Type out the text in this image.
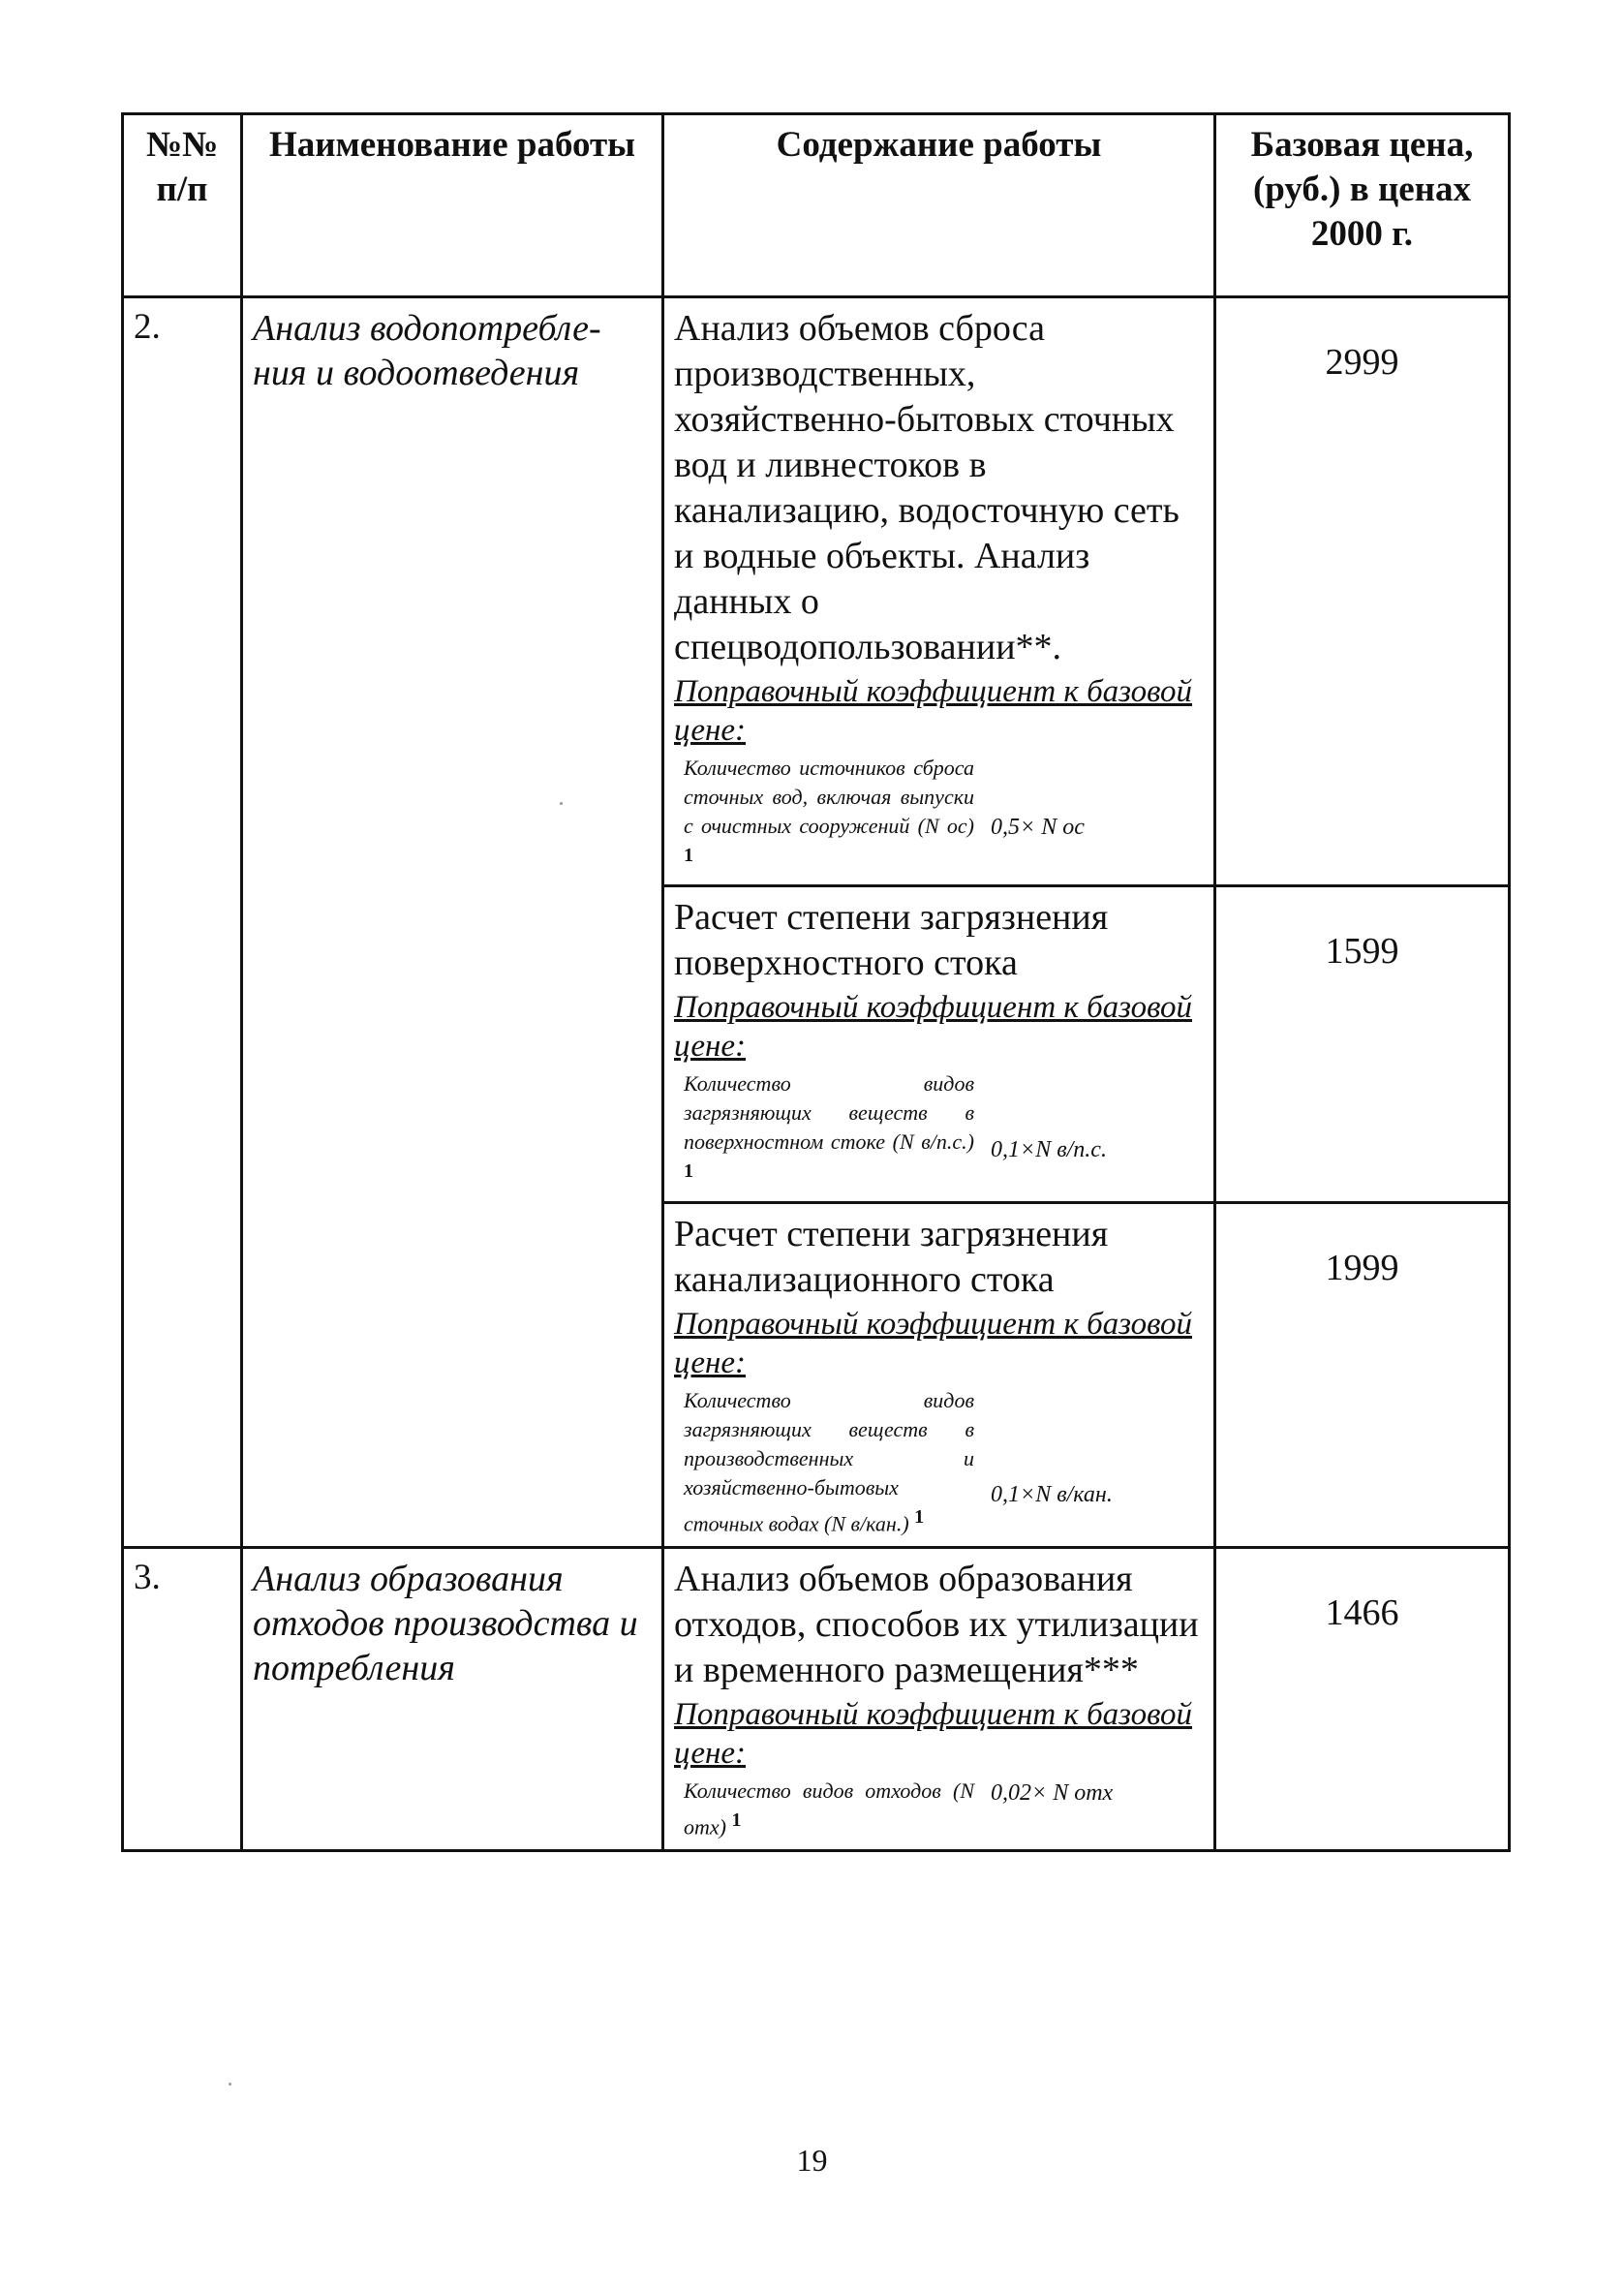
№№ п/п	Наименование работы	Содержание работы	Базовая цена, (руб.) в ценах 2000 г.
2.	Анализ водопотребле-ния и водоотведения	Анализ объемов сброса производственных, хозяйственно-бытовых сточных вод и ливнестоков в канализацию, водосточную сеть и водные объекты. Анализ данных о спецводопользовании**.
Поправочный коэффициент к базовой цене:
Количество источников сброса сточных вод, включая выпуски с очистных сооружений (N ос) $^1$
0,5× N ос	2999

		Расчет степени загрязнения поверхностного стока
Поправочный коэффициент к базовой цене:
Количество видов загрязняющих веществ в поверхностном стоке (N в/п.с.) $^1$
0,1×N в/п.с.	1599

		Расчет степени загрязнения канализационного стока
Поправочный коэффициент к базовой цене:
Количество видов загрязняющих веществ в производственных и хозяйственно-бытовых сточных водах (N в/кан.) $^1$
0,1×N в/кан.	1999
3.	Анализ образования отходов производства и потребления	Анализ объемов образования отходов, способов их утилизации и временного размещения***
Поправочный коэффициент к базовой цене:
Количество видов отходов (N отх) $^1$
0,02× N отх	1466
19
